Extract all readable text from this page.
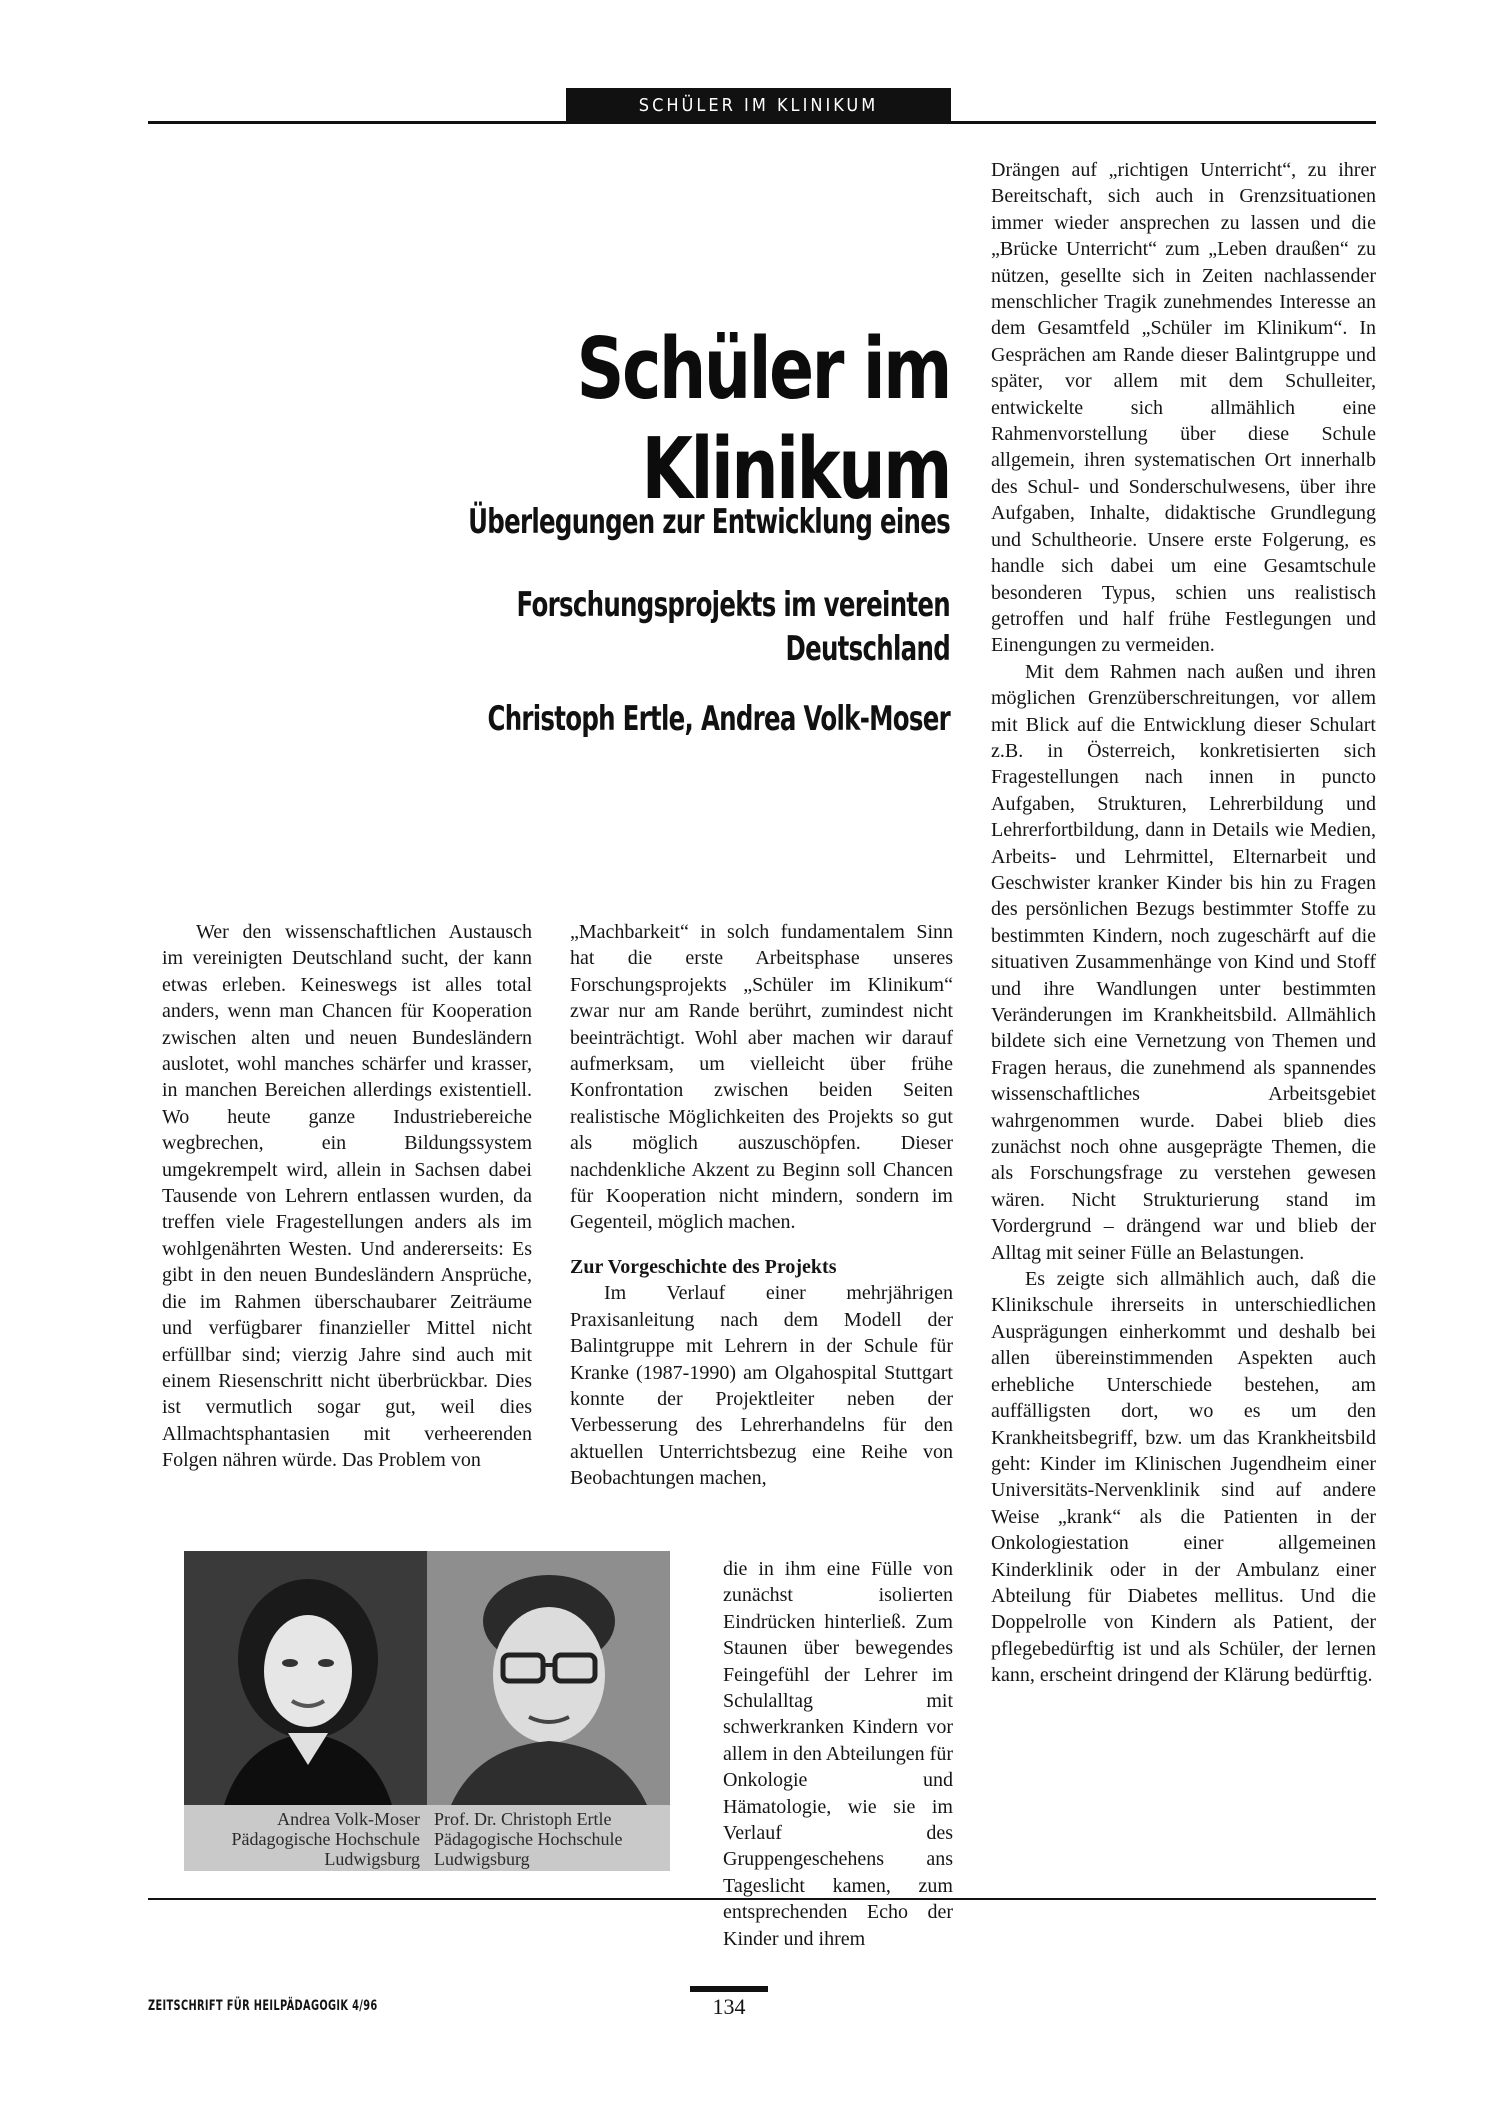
SCHÜLER IM KLINIKUM
Schüler im Klinikum
Überlegungen zur Entwicklung eines
Forschungsprojekts im vereinten Deutschland
Christoph Ertle, Andrea Volk-Moser

Wer den wissenschaftlichen Austausch im vereinigten Deutschland sucht, der kann etwas erleben. Keineswegs ist alles total anders, wenn man Chancen für Kooperation zwischen alten und neuen Bundesländern auslotet, wohl manches schärfer und krasser, in manchen Bereichen allerdings existentiell. Wo heute ganze Industriebereiche wegbrechen, ein Bildungssystem umgekrempelt wird, allein in Sachsen dabei Tausende von Lehrern entlassen wurden, da treffen viele Fragestellungen anders als im wohlgenährten Westen. Und andererseits: Es gibt in den neuen Bundesländern Ansprüche, die im Rahmen überschaubarer Zeiträume und verfügbarer finanzieller Mittel nicht erfüllbar sind; vierzig Jahre sind auch mit einem Riesenschritt nicht überbrückbar. Dies ist vermutlich sogar gut, weil dies Allmachtsphantasien mit verheerenden Folgen nähren würde. Das Problem von

„Machbarkeit“ in solch fundamentalem Sinn hat die erste Arbeitsphase unseres Forschungsprojekts „Schüler im Klinikum“ zwar nur am Rande berührt, zumindest nicht beeinträchtigt. Wohl aber machen wir darauf aufmerksam, um vielleicht über frühe Konfrontation zwischen beiden Seiten realistische Möglichkeiten des Projekts so gut als möglich auszuschöpfen. Dieser nachdenkliche Akzent zu Beginn soll Chancen für Kooperation nicht mindern, sondern im Gegenteil, möglich machen.

Zur Vorgeschichte des Projekts

Im Verlauf einer mehrjährigen Praxisanleitung nach dem Modell der Balintgruppe mit Lehrern in der Schule für Kranke (1987-1990) am Olgahospital Stuttgart konnte der Projektleiter neben der Verbesserung des Lehrerhandelns für den aktuellen Unterrichtsbezug eine Reihe von Beobachtungen machen,

die in ihm eine Fülle von zunächst isolierten Eindrücken hinterließ. Zum Staunen über bewegendes Feingefühl der Lehrer im Schulalltag mit schwerkranken Kindern vor allem in den Abteilungen für Onkologie und Hämatologie, wie sie im Verlauf des Gruppengeschehens ans Tageslicht kamen, zum entsprechenden Echo der Kinder und ihrem

Drängen auf „richtigen Unterricht“, zu ihrer Bereitschaft, sich auch in Grenzsituationen immer wieder ansprechen zu lassen und die „Brücke Unterricht“ zum „Leben draußen“ zu nützen, gesellte sich in Zeiten nachlassender menschlicher Tragik zunehmendes Interesse an dem Gesamtfeld „Schüler im Klinikum“. In Gesprächen am Rande dieser Balintgruppe und später, vor allem mit dem Schulleiter, entwickelte sich allmählich eine Rahmenvorstellung über diese Schule allgemein, ihren systematischen Ort innerhalb des Schul- und Sonderschulwesens, über ihre Aufgaben, Inhalte, didaktische Grundlegung und Schultheorie. Unsere erste Folgerung, es handle sich dabei um eine Gesamtschule besonderen Typus, schien uns realistisch getroffen und half frühe Festlegungen und Einengungen zu vermeiden.

Mit dem Rahmen nach außen und ihren möglichen Grenzüberschreitungen, vor allem mit Blick auf die Entwicklung dieser Schulart z.B. in Österreich, konkretisierten sich Fragestellungen nach innen in puncto Aufgaben, Strukturen, Lehrerbildung und Lehrerfortbildung, dann in Details wie Medien, Arbeits- und Lehrmittel, Elternarbeit und Geschwister kranker Kinder bis hin zu Fragen des persönlichen Bezugs bestimmter Stoffe zu bestimmten Kindern, noch zugeschärft auf die situativen Zusammenhänge von Kind und Stoff und ihre Wandlungen unter bestimmten Veränderungen im Krankheitsbild. Allmählich bildete sich eine Vernetzung von Themen und Fragen heraus, die zunehmend als spannendes wissenschaftliches Arbeitsgebiet wahrgenommen wurde. Dabei blieb dies zunächst noch ohne ausgeprägte Themen, die als Forschungsfrage zu verstehen gewesen wären. Nicht Strukturierung stand im Vordergrund – drängend war und blieb der Alltag mit seiner Fülle an Belastungen.

Es zeigte sich allmählich auch, daß die Klinikschule ihrerseits in unterschiedlichen Ausprägungen einherkommt und deshalb bei allen übereinstimmenden Aspekten auch erhebliche Unterschiede bestehen, am auffälligsten dort, wo es um den Krankheitsbegriff, bzw. um das Krankheitsbild geht: Kinder im Klinischen Jugendheim einer Universitäts-Nervenklinik sind auf andere Weise „krank“ als die Patienten in der Onkologiestation einer allgemeinen Kinderklinik oder in der Ambulanz einer Abteilung für Diabetes mellitus. Und die Doppelrolle von Kindern als Patient, der pflegebedürftig ist und als Schüler, der lernen kann, erscheint dringend der Klärung bedürftig.

Andrea Volk-Moser
Pädagogische Hochschule
Ludwigsburg
Prof. Dr. Christoph Ertle
Pädagogische Hochschule
Ludwigsburg
ZEITSCHRIFT FÜR HEILPÄDAGOGIK 4/96	134
